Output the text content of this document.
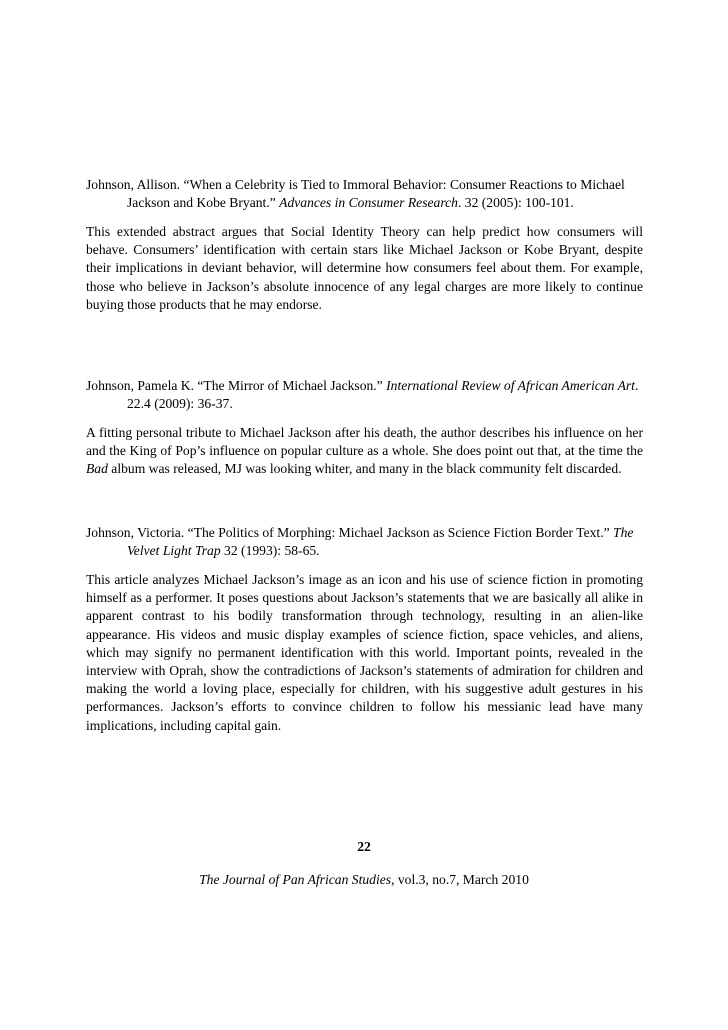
Johnson, Allison. “When a Celebrity is Tied to Immoral Behavior: Consumer Reactions to Michael Jackson and Kobe Bryant.” Advances in Consumer Research. 32 (2005): 100-101.

This extended abstract argues that Social Identity Theory can help predict how consumers will behave. Consumers’ identification with certain stars like Michael Jackson or Kobe Bryant, despite their implications in deviant behavior, will determine how consumers feel about them. For example, those who believe in Jackson’s absolute innocence of any legal charges are more likely to continue buying those products that he may endorse.

Johnson, Pamela K. “The Mirror of Michael Jackson.” International Review of African American Art. 22.4 (2009): 36-37.

A fitting personal tribute to Michael Jackson after his death, the author describes his influence on her and the King of Pop’s influence on popular culture as a whole. She does point out that, at the time the Bad album was released, MJ was looking whiter, and many in the black community felt discarded.

Johnson, Victoria. “The Politics of Morphing: Michael Jackson as Science Fiction Border Text.” The Velvet Light Trap 32 (1993): 58-65.

This article analyzes Michael Jackson’s image as an icon and his use of science fiction in promoting himself as a performer. It poses questions about Jackson’s statements that we are basically all alike in apparent contrast to his bodily transformation through technology, resulting in an alien-like appearance. His videos and music display examples of science fiction, space vehicles, and aliens, which may signify no permanent identification with this world. Important points, revealed in the interview with Oprah, show the contradictions of Jackson’s statements of admiration for children and making the world a loving place, especially for children, with his suggestive adult gestures in his performances. Jackson’s efforts to convince children to follow his messianic lead have many implications, including capital gain.

22
The Journal of Pan African Studies, vol.3, no.7, March 2010
